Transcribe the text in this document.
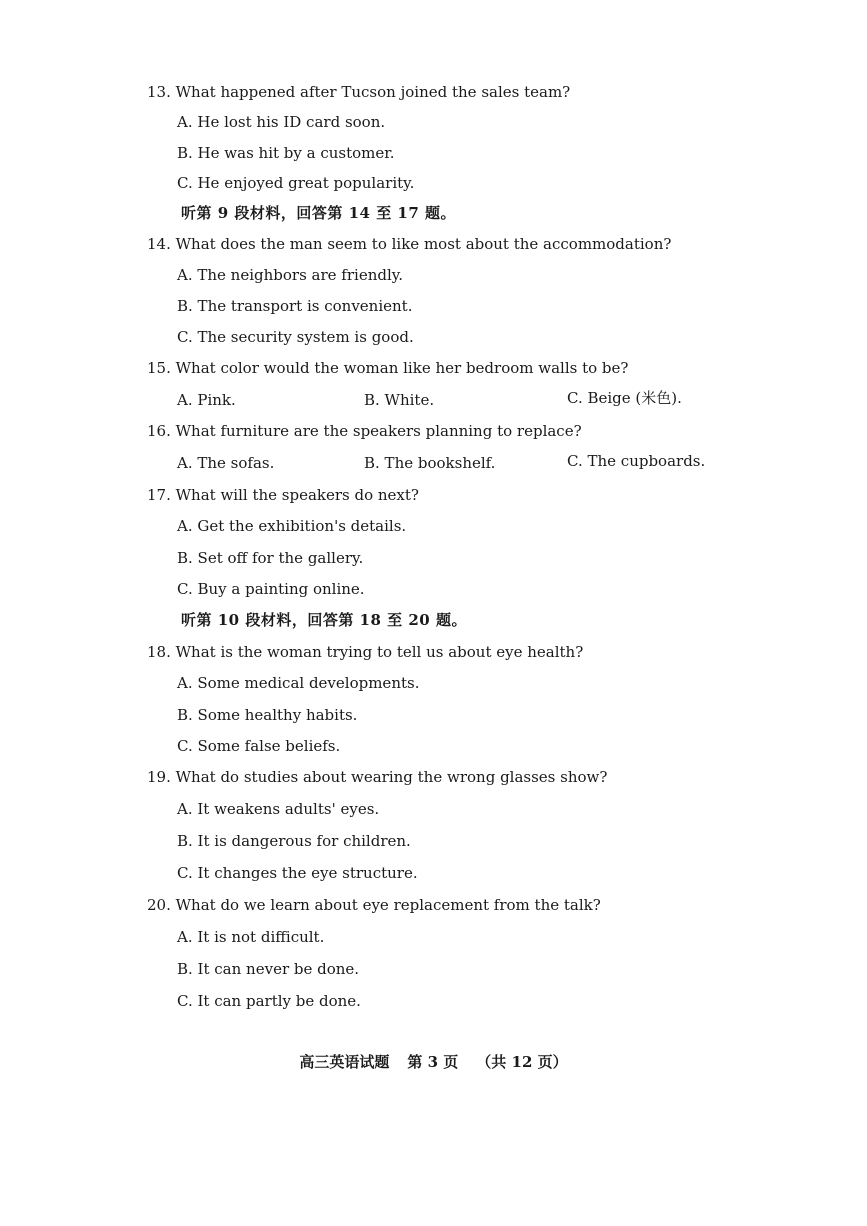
13. What happened after Tucson joined the sales team?
A. He lost his ID card soon.
B. He was hit by a customer.
C. He enjoyed great popularity.
听第 9 段材料，回答第 14 至 17 题。
14. What does the man seem to like most about the accommodation?
A. The neighbors are friendly.
B. The transport is convenient.
C. The security system is good.
15. What color would the woman like her bedroom walls to be?
A. Pink.	B. White.	C. Beige (米色).
16. What furniture are the speakers planning to replace?
A. The sofas.	B. The bookshelf.	C. The cupboards.
17. What will the speakers do next?
A. Get the exhibition's details.
B. Set off for the gallery.
C. Buy a painting online.
听第 10 段材料，回答第 18 至 20 题。
18. What is the woman trying to tell us about eye health?
A. Some medical developments.
B. Some healthy habits.
C. Some false beliefs.
19. What do studies about wearing the wrong glasses show?
A. It weakens adults' eyes.
B. It is dangerous for children.
C. It changes the eye structure.
20. What do we learn about eye replacement from the talk?
A. It is not difficult.
B. It can never be done.
C. It can partly be done.
高三英语试题 第 3 页 （共 12 页）
